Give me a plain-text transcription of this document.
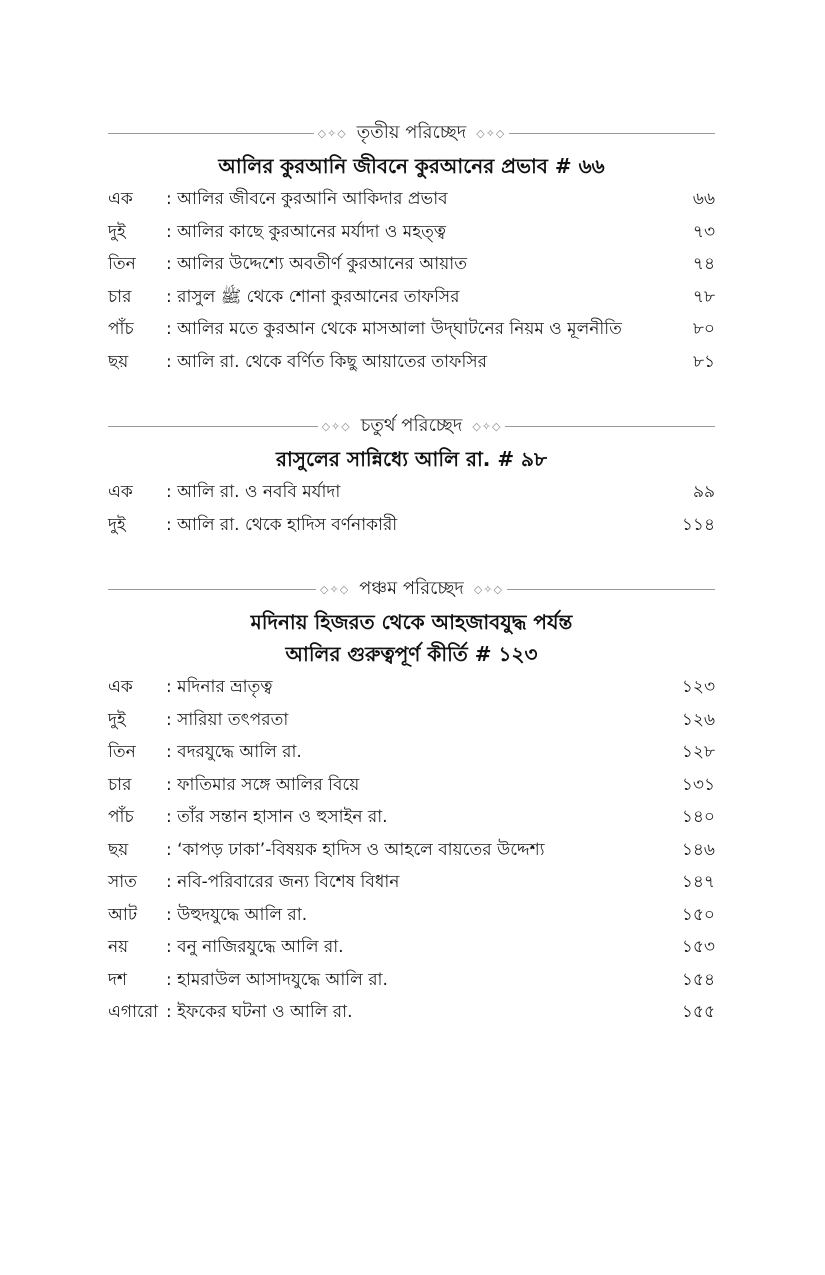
◇✧◇ তৃতীয় পরিচ্ছেদ ◇✧◇
আলির কুরআনি জীবনে কুরআনের প্রভাব # ৬৬
এক	: আলির জীবনে কুরআনি আকিদার প্রভাব	৬৬
দুই	: আলির কাছে কুরআনের মর্যাদা ও মহত্ত্ব	৭৩
তিন	: আলির উদ্দেশ্যে অবতীর্ণ কুরআনের আয়াত	৭৪
চার	: রাসুল ﷺ থেকে শোনা কুরআনের তাফসির	৭৮
পাঁচ	: আলির মতে কুরআন থেকে মাসআলা উদ্‌ঘাটনের নিয়ম ও মূলনীতি	৮০
ছয়	: আলি রা. থেকে বর্ণিত কিছু আয়াতের তাফসির	৮১
◇✧◇ চতুর্থ পরিচ্ছেদ ◇✧◇
রাসুলের সান্নিধ্যে আলি রা. # ৯৮
এক	: আলি রা. ও নববি মর্যাদা	৯৯
দুই	: আলি রা. থেকে হাদিস বর্ণনাকারী	১১৪
◇✧◇ পঞ্চম পরিচ্ছেদ ◇✧◇
মদিনায় হিজরত থেকে আহজাবযুদ্ধ পর্যন্ত
আলির গুরুত্বপূর্ণ কীর্তি # ১২৩
এক	: মদিনার ভ্রাতৃত্ব	১২৩
দুই	: সারিয়া তৎপরতা	১২৬
তিন	: বদরযুদ্ধে আলি রা.	১২৮
চার	: ফাতিমার সঙ্গে আলির বিয়ে	১৩১
পাঁচ	: তাঁর সন্তান হাসান ও হুসাইন রা.	১৪০
ছয়	: ‘কাপড় ঢাকা’-বিষয়ক হাদিস ও আহলে বায়তের উদ্দেশ্য	১৪৬
সাত	: নবি-পরিবারের জন্য বিশেষ বিধান	১৪৭
আট	: উহুদযুদ্ধে আলি রা.	১৫০
নয়	: বনু নাজিরযুদ্ধে আলি রা.	১৫৩
দশ	: হামরাউল আসাদযুদ্ধে আলি রা.	১৫৪
এগারো : ইফকের ঘটনা ও আলি রা.	১৫৫
